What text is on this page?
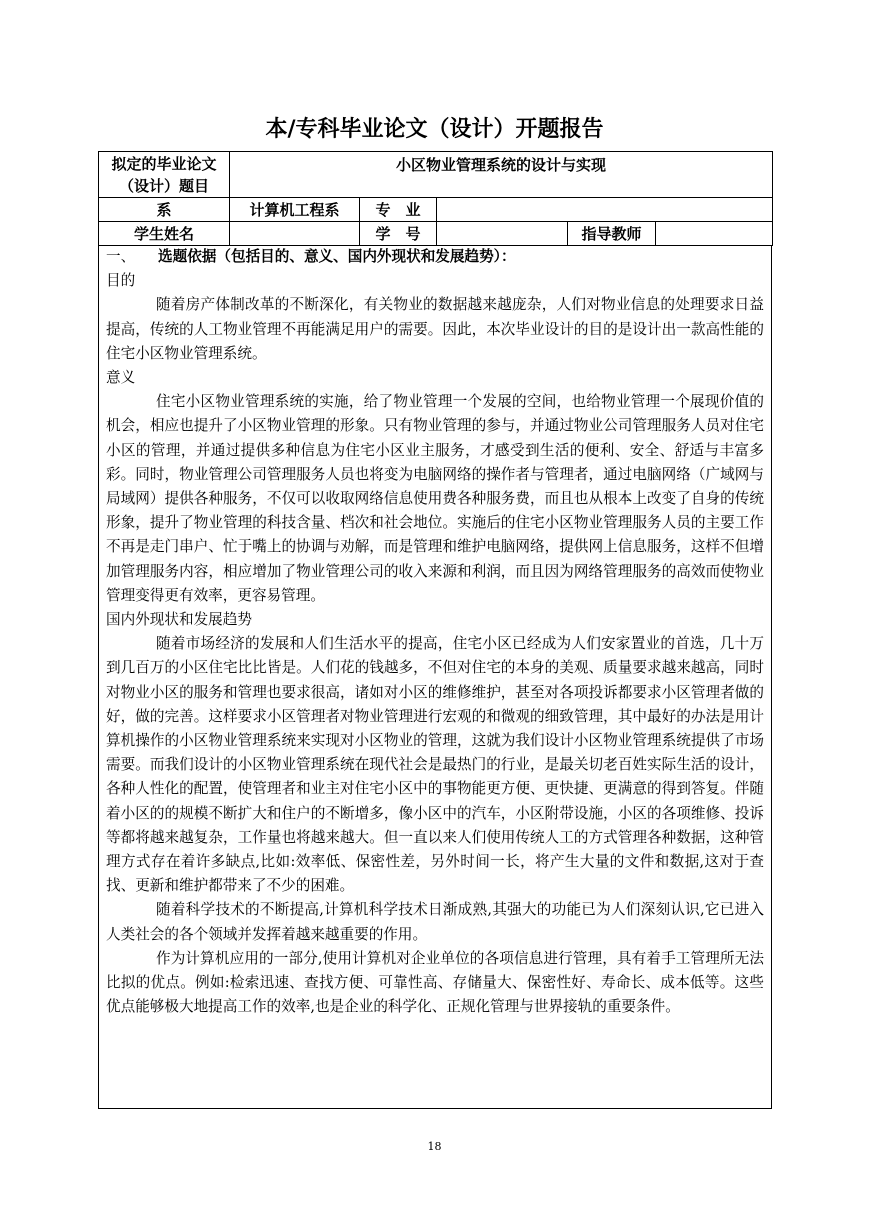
本/专科毕业论文（设计）开题报告
拟定的毕业论文（设计）题目	小区物业管理系统的设计与实现				
系	计算机工程系	专　业			
学生姓名		学　号		指导教师	

一、 选题依据（包括目的、意义、国内外现状和发展趋势）：

目的

随着房产体制改革的不断深化，有关物业的数据越来越庞杂，人们对物业信息的处理要求日益提高，传统的人工物业管理不再能满足用户的需要。因此，本次毕业设计的目的是设计出一款高性能的住宅小区物业管理系统。

意义

住宅小区物业管理系统的实施，给了物业管理一个发展的空间，也给物业管理一个展现价值的机会，相应也提升了小区物业管理的形象。只有物业管理的参与，并通过物业公司管理服务人员对住宅小区的管理，并通过提供多种信息为住宅小区业主服务，才感受到生活的便利、安全、舒适与丰富多彩。同时，物业管理公司管理服务人员也将变为电脑网络的操作者与管理者，通过电脑网络（广域网与局域网）提供各种服务，不仅可以收取网络信息使用费各种服务费，而且也从根本上改变了自身的传统形象，提升了物业管理的科技含量、档次和社会地位。实施后的住宅小区物业管理服务人员的主要工作不再是走门串户、忙于嘴上的协调与劝解，而是管理和维护电脑网络，提供网上信息服务，这样不但增加管理服务内容，相应增加了物业管理公司的收入来源和利润，而且因为网络管理服务的高效而使物业管理变得更有效率，更容易管理。

国内外现状和发展趋势

随着市场经济的发展和人们生活水平的提高，住宅小区已经成为人们安家置业的首选，几十万到几百万的小区住宅比比皆是。人们花的钱越多，不但对住宅的本身的美观、质量要求越来越高，同时对物业小区的服务和管理也要求很高，诸如对小区的维修维护，甚至对各项投诉都要求小区管理者做的好，做的完善。这样要求小区管理者对物业管理进行宏观的和微观的细致管理，其中最好的办法是用计算机操作的小区物业管理系统来实现对小区物业的管理，这就为我们设计小区物业管理系统提供了市场需要。而我们设计的小区物业管理系统在现代社会是最热门的行业，是最关切老百姓实际生活的设计，各种人性化的配置，使管理者和业主对住宅小区中的事物能更方便、更快捷、更满意的得到答复。伴随着小区的的规模不断扩大和住户的不断增多，像小区中的汽车，小区附带设施，小区的各项维修、投诉等都将越来越复杂，工作量也将越来越大。但一直以来人们使用传统人工的方式管理各种数据，这种管理方式存在着许多缺点,比如:效率低、保密性差，另外时间一长，将产生大量的文件和数据,这对于查找、更新和维护都带来了不少的困难。

随着科学技术的不断提高,计算机科学技术日渐成熟,其强大的功能已为人们深刻认识,它已进入人类社会的各个领域并发挥着越来越重要的作用。

作为计算机应用的一部分,使用计算机对企业单位的各项信息进行管理，具有着手工管理所无法比拟的优点。例如:检索迅速、查找方便、可靠性高、存储量大、保密性好、寿命长、成本低等。这些优点能够极大地提高工作的效率,也是企业的科学化、正规化管理与世界接轨的重要条件。

18
